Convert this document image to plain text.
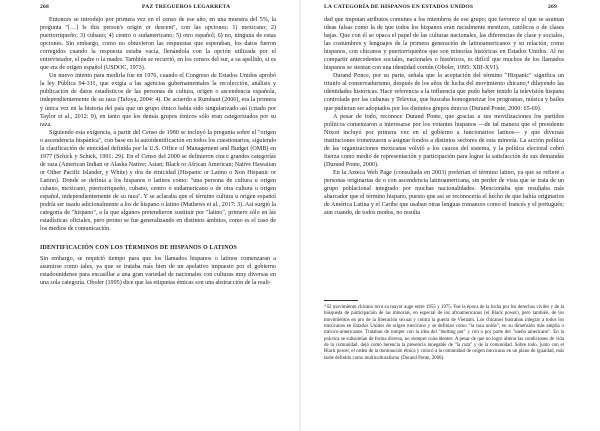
268	PAZ TREGUEROS LEGARRETA

Entonces se introdujo por primera vez en el censo de ese año, en una muestra del 5%, la pregunta "[…] Is this person's origin or descent", con las opciones: 1) mexicano; 2) puertorriqueño; 3) cubano; 4) centro o sudamericano; 5) otro español; 6) no, ninguna de estas opciones. Sin embargo, como no obtuvieron las respuestas que esperaban, los datos fueron corregidos cuando la respuesta estaba vacía, llenándola con la opción utilizada por el entrevistador, el padre o la madre. También se recurrió, en los censos del sur, a su apellido, si es que era de origen español (USDOC, 1973).

Un nuevo intento para medirla fue en 1976, cuando el Congreso de Estados Unidos aprobó la ley Pública 94-311, que exigía a las agencias gubernamentales la recolección, análisis y publicación de datos estadísticos de las personas de cultura, origen o ascendencia española, independientemente de su raza (Tafoya, 2004: 4). De acuerdo a Rumbaut (2006), era la primera y única vez en la historia del país que un grupo étnico había sido singularizado así (citado por Taylor et al., 2012: 9), en tanto que los demás grupos étnicos sólo eran categorizados por su raza.

Siguiendo esta exigencia, a partir del Censo de 1980 se incluyó la pregunta sobre el "origen o ascendencia hispánica", con base en la autoidentificación en todos los cuestionarios, siguiendo la clasificación de etnicidad definida por la U.S. Office of Management and Budget (OMB) en 1977 (Schick y Schick, 1991: 29). En el Censo del 2000 se definieron cinco grandes categorías de raza (American Indian or Alaska Native; Asian; Black or African American; Native Hawaiian or Other Pacific Islander, y White) y dos de etnicidad (Hispanic or Latino o Non Hispanic or Latino). Donde se definía a los hispanos o latinos como: "una persona de cultura u origen cubano, mexicano, puertorriqueño, cubano, centro o sudamericano o de otra cultura u origen español, independientemente de su raza". Y se aclaraba que el término cultura u origen español podría ser usado adicionalmente a los de hispano o latino (Mathews et al., 2017: 3). Así surgió la categoría de "hispano", a la que algunos pretendieron sustituir por "latino", primero sólo en las estadísticas oficiales, pero pronto se fue generalizando en distintos ámbitos, como es el caso de los medios de comunicación.

IDENTIFICACIÓN CON LOS TÉRMINOS DE HISPANOS O LATINOS

Sin embargo, se requirió tiempo para que los llamados hispanos o latinos comenzaran a asumirse como tales, ya que se trataba más bien de un apelativo impuesto por el gobierno estadounidense para encasillar a una gran variedad de nacionales con culturas muy diversas en una sola categoría. Oboler (1995) dice que las etiquetas étnicas son una abstracción de la reali-

LA CATEGORÍA DE HISPANOS EN ESTADOS UNIDOS	269

dad que imputan atributos comunes a los miembros de ese grupo; que favorece el que se asuman ideas falsas como la de que todos los hispanos eran racialmente mestizos, católicos o de clases bajas. Que con él se opaca el papel de las culturas nacionales, las diferencias de clase y sociales, las costumbres y lenguajes de la primera generación de latinoamericanos y su relación, como hispanos, con chicanos y puertorriqueños que son minorías históricas en Estados Unidos. Al no compartir antecedentes sociales, nacionales o históricos, es difícil que muchos de los llamados hispanos se sientan con una identidad común (Oboler, 1995: XIII-XVI).

Durand Ponce, por su parte, señala que la aceptación del término "Hispanic" significa un triunfo al conservadurismo, después de los años de lucha del movimiento chicano,⁴ diluyendo las identidades históricas. Hace referencia a la influencia que pudo haber tenido la televisión hispana controlada por las cubanas y Televisa, que buscaba homogeneizar los programas, música y bailes que pudieran ser adoptados por los distintos grupos étnicos (Durand Ponte, 2000: 65-69).

A pesar de todo, reconoce Durand Ponte, que gracias a sus movilizaciones los partidos políticos comenzaron a interesarse por los votantes hispanos —de tal manera que el presidente Nixon incluyó por primera vez en el gobierno a funcionarios latinos— y que diversas instituciones comenzaron a asignar fondos a distintos sectores de esta minoría. La acción política de las organizaciones mexicanas volvió a los cauces del sistema, y la política electoral cobró fuerza como medio de representación y participación para lograr la satisfacción de sus demandas (Durand Ponte, 2000).

En la Azteca Web Page (consultada en 2003) preferían el término latino, ya que se refiere a personas originarias de o con ascendencia latinoamericana, sin perder de vista que se trata de un grupo poblacional integrado por muchas nacionalidades. Mencionaba que resultaba más abarcador que el término hispano, puesto que así se reconocería el hecho de que había originarios de América Latina y el Caribe que usaban otras lenguas romances como el francés y el portugués; aun cuando, de todos modos, no resulta

⁴ El movimiento chicano tuvo su mayor auge entre 1955 y 1975. Fue la época de la lucha por los derechos civiles y de la búsqueda de participación de las minorías, en especial de los afroamericanos (el Black power), pero también, de los movimientos en pro de la liberación sexual y contra la guerra de Vietnam. Los chicanos buscaban integrar a todos los mexicanos en Estados Unidos de origen mexicano y se definían como "la raza unida"; en su dimensión más amplia o méxico-americanos. Trataban de romper con la idea del "melting pot" y con o por parte del "sueño americano". En la práctica se subsumían de forma diversa, no siempre coincidentes. A pesar de que no logró alterar las condiciones de vida de la comunidad, dejó como herencia la presencia innegable de "la raza" y de la comunidad. Sobre todo, junto con el Black power, el orden de la dominación étnica y colocó a la comunidad de origen mexicano en un plano de igualdad, más tarde definido como multiculturalismo (Durand Ponte, 2000).
